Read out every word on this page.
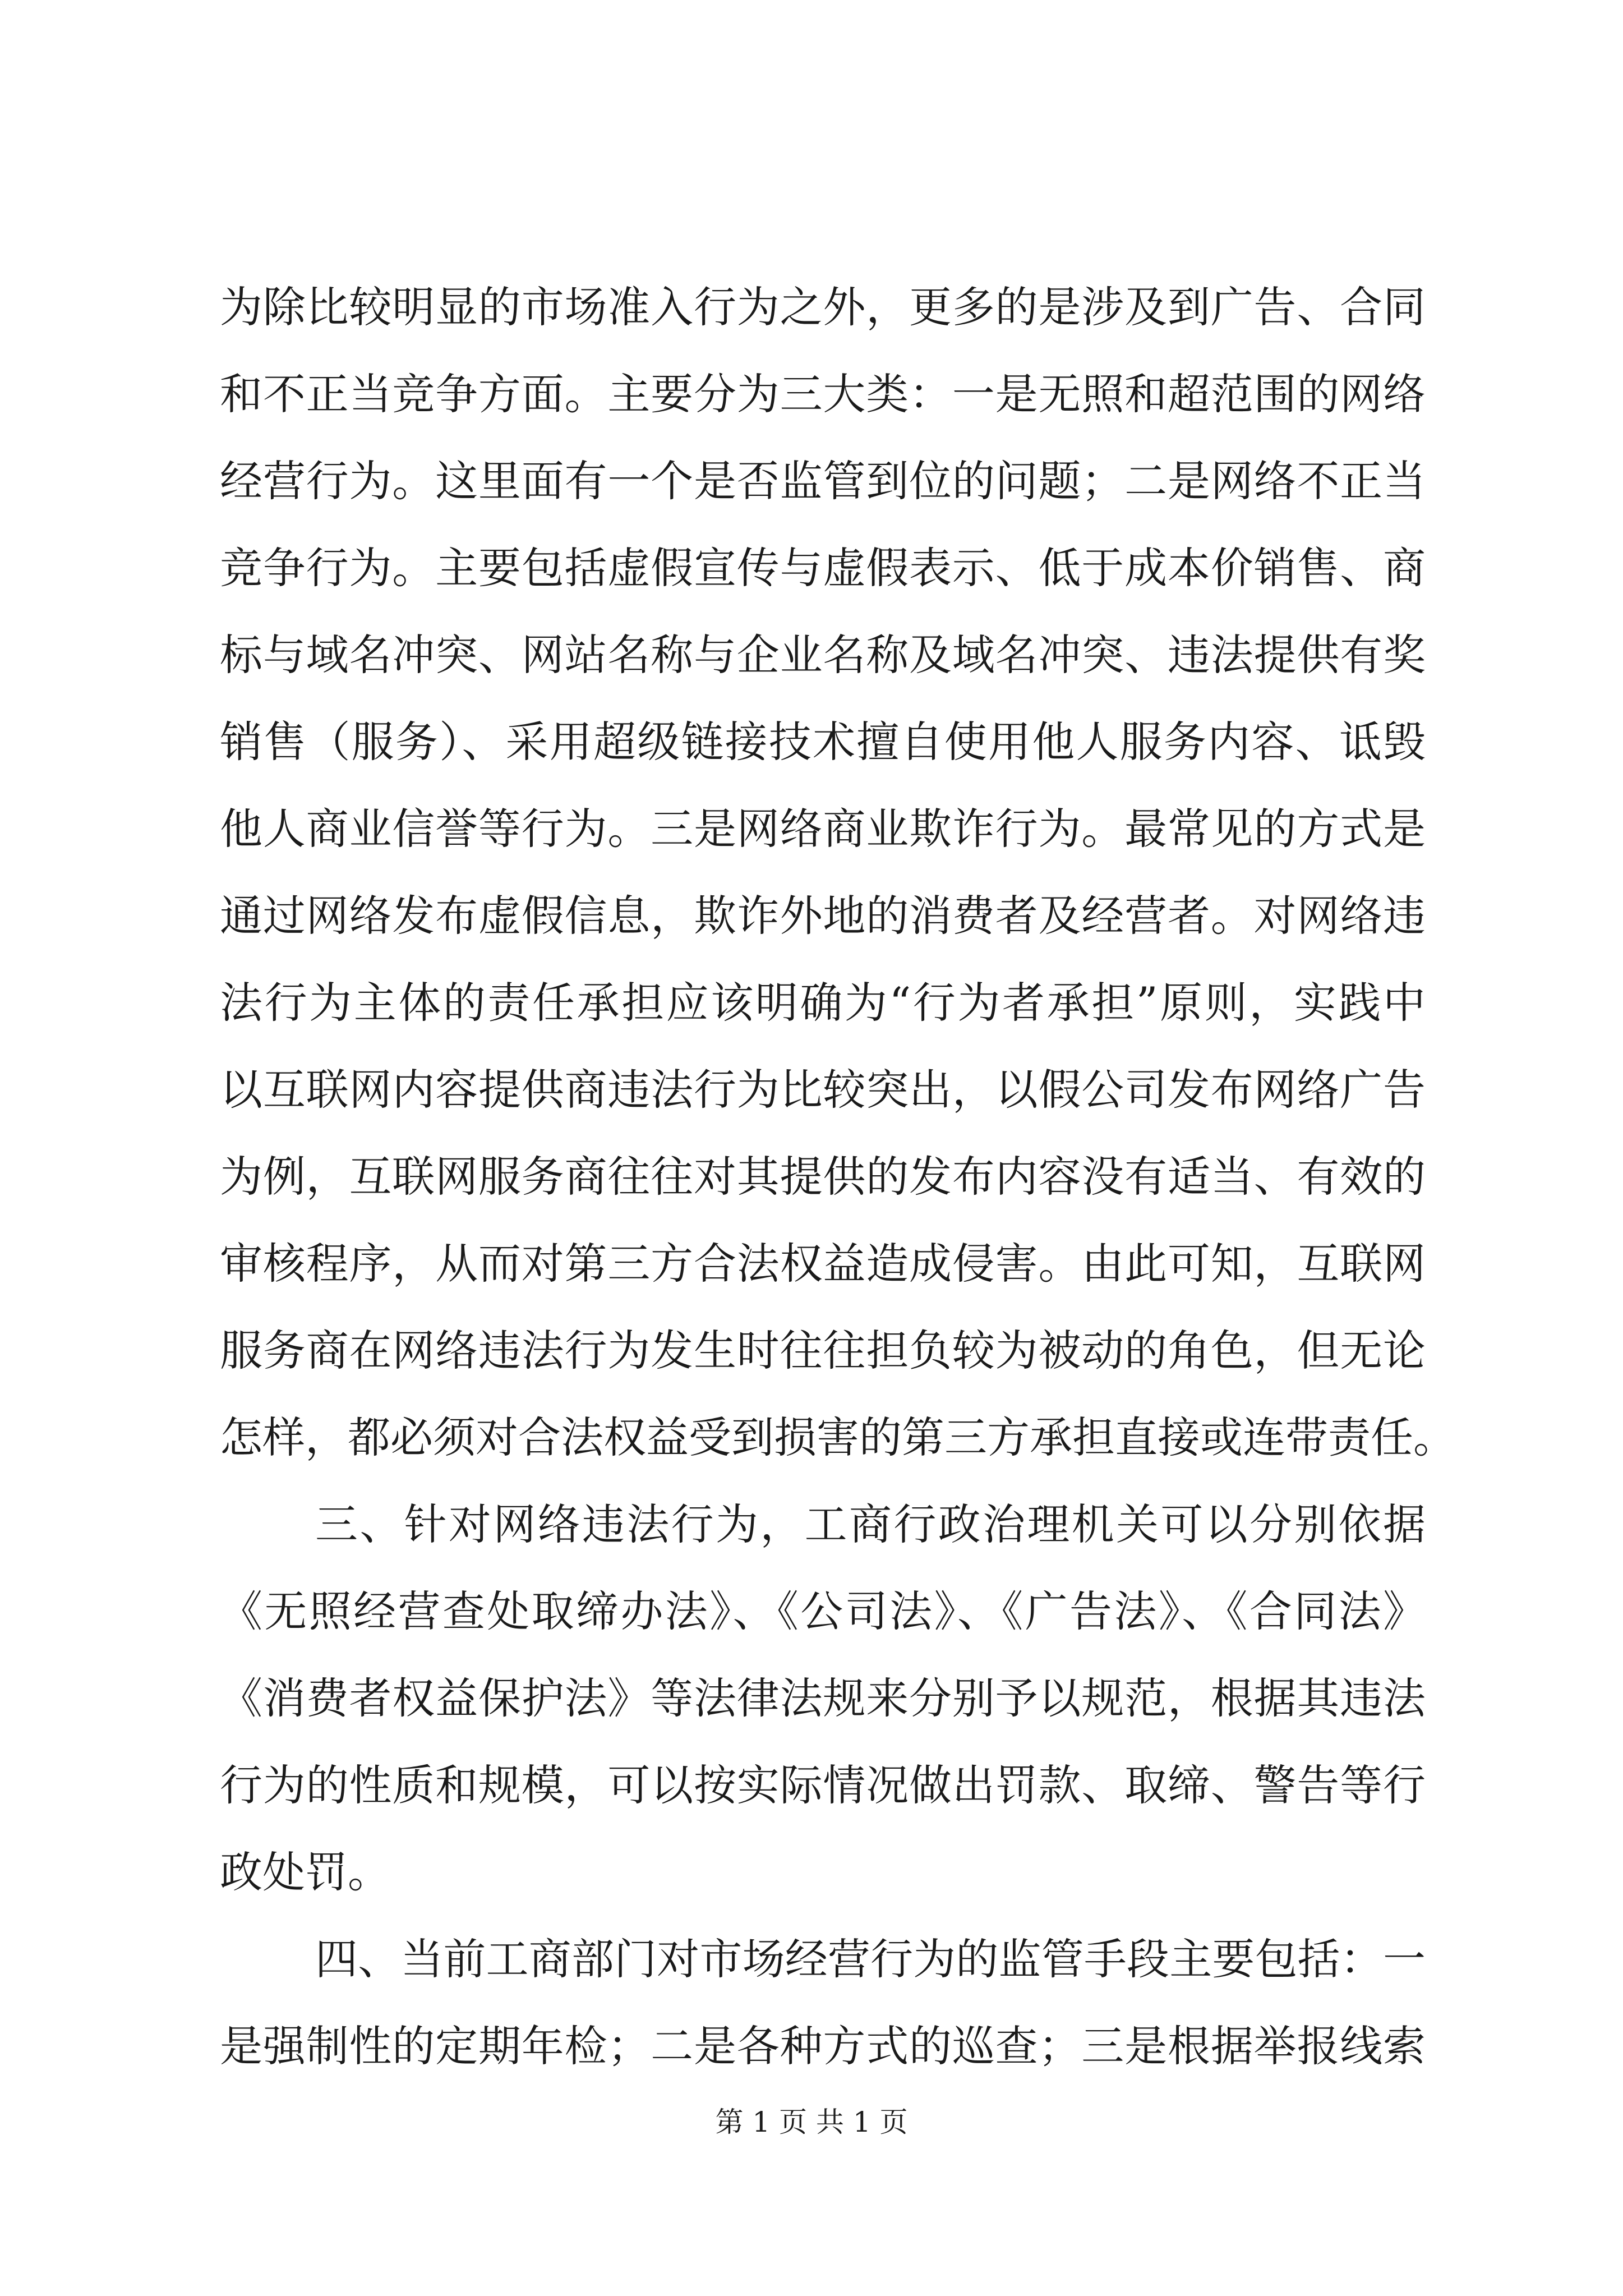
为除比较明显的市场准入行为之外，更多的是涉及到广告、合同
和不正当竞争方面。主要分为三大类：一是无照和超范围的网络
经营行为。这里面有一个是否监管到位的问题；二是网络不正当
竞争行为。主要包括虚假宣传与虚假表示、低于成本价销售、商
标与域名冲突、网站名称与企业名称及域名冲突、违法提供有奖
销售（服务）、采用超级链接技术擅自使用他人服务内容、诋毁
他人商业信誉等行为。三是网络商业欺诈行为。最常见的方式是
通过网络发布虚假信息，欺诈外地的消费者及经营者。对网络违
法行为主体的责任承担应该明确为“行为者承担”原则，实践中
以互联网内容提供商违法行为比较突出，以假公司发布网络广告
为例，互联网服务商往往对其提供的发布内容没有适当、有效的
审核程序，从而对第三方合法权益造成侵害。由此可知，互联网
服务商在网络违法行为发生时往往担负较为被动的角色，但无论
怎样，都必须对合法权益受到损害的第三方承担直接或连带责任。
三、针对网络违法行为，工商行政治理机关可以分别依据
《无照经营查处取缔办法》、《公司法》、《广告法》、《合同法》
《消费者权益保护法》等法律法规来分别予以规范，根据其违法
行为的性质和规模，可以按实际情况做出罚款、取缔、警告等行
政处罚。
四、当前工商部门对市场经营行为的监管手段主要包括：一
是强制性的定期年检；二是各种方式的巡查；三是根据举报线索
第 1 页 共 1 页
